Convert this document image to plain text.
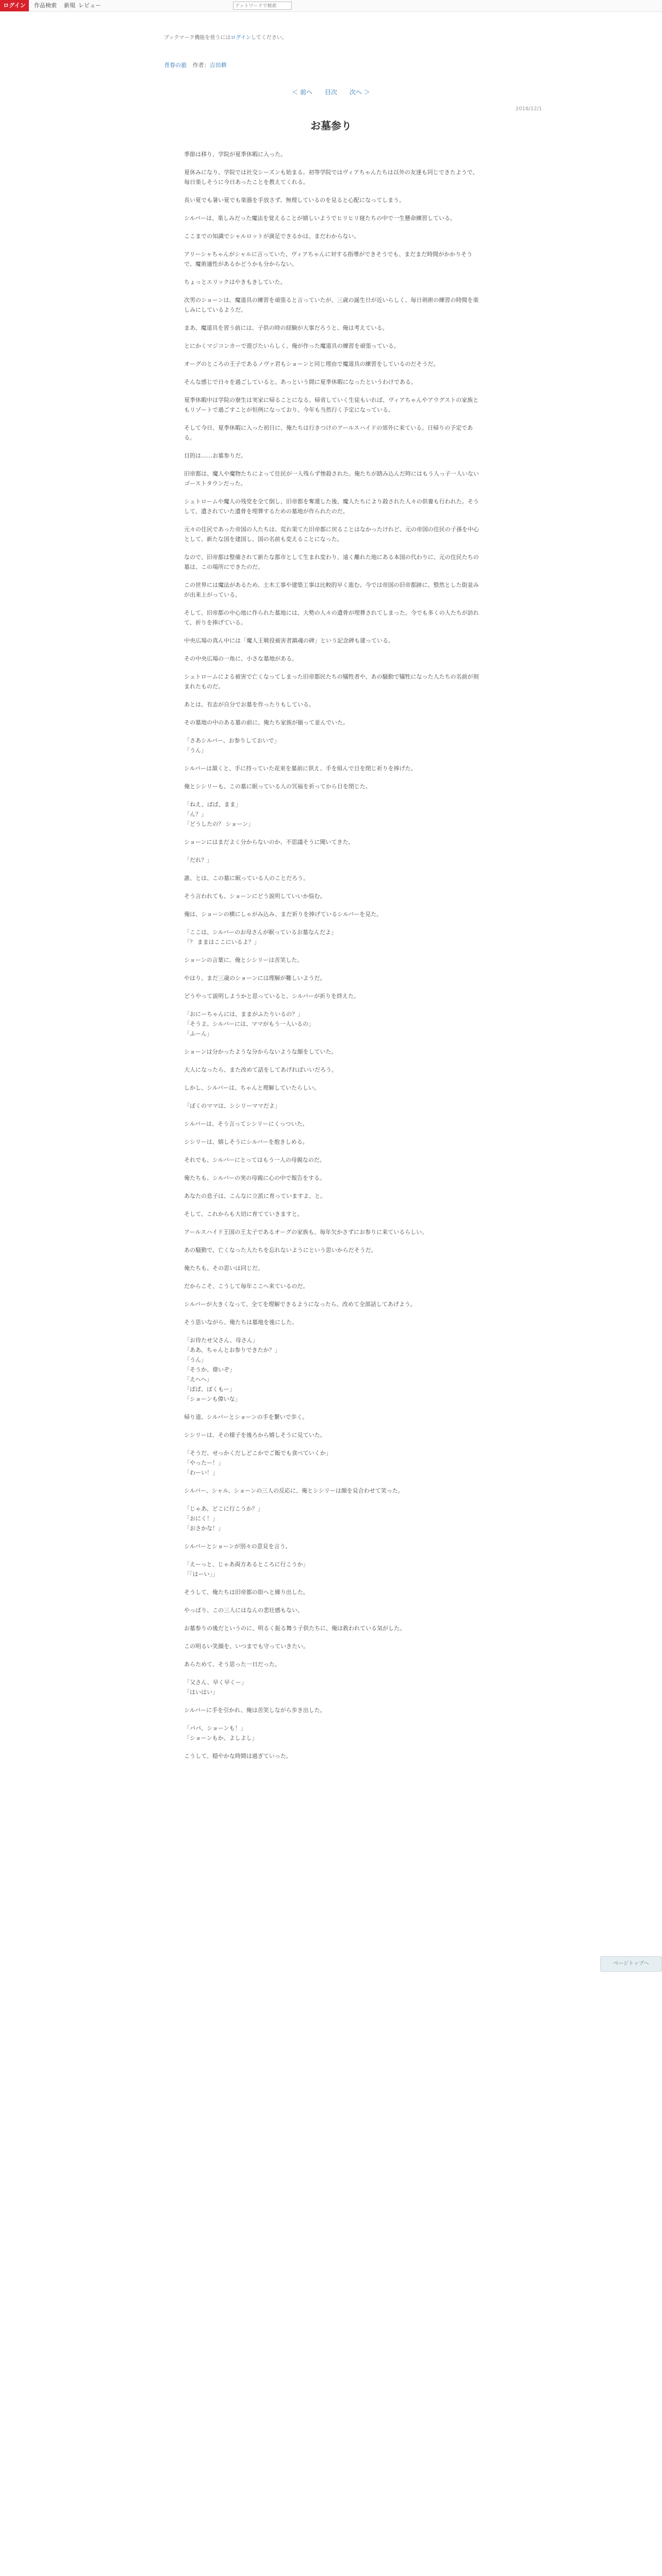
ログイン	作品検索 新規 レビュー
アットワードで検索
ブックマーク機能を使うにはログインしてください。
青春の旅 作者：吉田耕
＜ 前へ 目次 次へ ＞
2018/12/1
お墓参り

季節は移り、学院が夏季休暇に入った。

夏休みになり、学院では社交シーズンも始まる。初等学院ではヴィアちゃんたちは以外の友達も同じできたようで、毎日楽しそうに今日あったことを教えてくれる。

長い夏でも暑い夏でも楽器を手放さず、無理しているのを見ると心配になってしまう。

シルバーは、楽しみだった魔法を覚えることが嬉しいようでヒリヒリ寝たちの中で一生懸命練習している。

ここまでの知識でシャルロットが満足できるかは、まだわからない。

アリーシャちゃんがシャルに言っていた、ヴィアちゃんに対する指導ができそうでも、まだまだ時間がかかりそうで、魔術適性があるかどうかも分からない。

ちょっとエリックはやきもきしていた。

次男のショーンは、魔道具の練習を頑張ると言っていたが、三歳の誕生日が近いらしく、毎日剣術の練習の時間を楽しみにしているようだ。

まあ、魔道具を習う前には、子供の時の経験が大事だろうと、俺は考えている。

とにかくマジコンカーで遊びたいらしく、俺が作った魔道具の練習を頑張っている。

オーグのところの王子であるノヴァ君もショーンと同じ理由で魔道具の練習をしているのだそうだ。

そんな感じで日々を過ごしていると、あっという間に夏季休暇になったというわけである。

夏季休暇中は学院の寮生は実家に帰ることになる。帰省していく生徒もいれば、ヴィアちゃんやアウグストの家族ともリゾートで過ごすことが恒例になっており、今年も当然行く予定になっている。

そして今日、夏季休暇に入った初日に、俺たちは行きつけのアールスハイドの郊外に来ている。日帰りの予定である。

目的は……お墓参りだ。

旧帝都は、魔人や魔物たちによって住民が一人残らず惨殺された。俺たちが踏み込んだ時にはもう人っ子一人いないゴーストタウンだった。

シュトロームや魔人の残党を全て倒し、旧帝都を奪還した後、魔人たちにより殺された人々の供養も行われた。そうして、遺されていた遺骨を埋葬するための墓地が作られたのだ。

元々の住民であった帝国の人たちは、荒れ果てた旧帝都に戻ることはなかったけれど、元の帝国の住民の子孫を中心として、新たな国を建国し、国の名前も変えることになった。

なので、旧帝都は整備されて新たな都市として生まれ変わり、遠く離れた地にある本国の代わりに、元の住民たちの墓は、この場所にできたのだ。

この世界には魔法があるため、土木工事や建築工事は比較的早く進む。今では帝国の旧帝都跡に、整然とした街並みが出来上がっている。

そして、旧帝都の中心地に作られた墓地には、大勢の人々の遺骨が埋葬されてしまった。今でも多くの人たちが訪れて、祈りを捧げている。

中央広場の真ん中には「魔人王戦役被害者鎮魂の碑」という記念碑も建っている。

その中央広場の一角に、小さな墓地がある。

シュトロームによる被害で亡くなってしまった旧帝都民たちの犠牲者や、あの騒動で犠牲になった人たちの名前が刻まれたものだ。

あとは、有志が自分でお墓を作ったりもしている。

その墓地の中のある墓の前に、俺たち家族が揃って並んでいた。

「さあシルバー、お参りしておいで」

「うん」

シルバーは頷くと、手に持っていた花束を墓前に供え、手を組んで目を閉じ祈りを捧げた。

俺とシシリーも、この墓に眠っている人の冥福を祈ってから目を閉じた。

「ねえ、ぱぱ、まま」

「ん？」

「どうしたの？ ショーン」

ショーンにはまだよく分からないのか、不思議そうに聞いてきた。

「だれ？」

誰、とは、この墓に眠っている人のことだろう。

そう言われても、ショーンにどう説明していいか悩む。

俺は、ショーンの横にしゃがみ込み、まだ祈りを捧げているシルバーを見た。

「ここは、シルバーのお母さんが眠っているお墓なんだよ」

「？ ままはここにいるよ？」

ショーンの言葉に、俺とシシリーは苦笑した。

やはり、まだ三歳のショーンには理解が難しいようだ。

どうやって説明しようかと思っていると、シルバーが祈りを終えた。

「おにーちゃんには、ままがふたりいるの？」

「そうよ。シルバーには、ママがもう一人いるの」

「ふーん」

ショーンは分かったような分からないような顔をしていた。

大人になったら、また改めて話をしてあげればいいだろう。

しかし、シルバーは、ちゃんと理解していたらしい。

「ぼくのママは、シシリーママだよ」

シルバーは、そう言ってシシリーにくっついた。

シシリーは、嬉しそうにシルバーを抱きしめる。

それでも、シルバーにとってはもう一人の母親なのだ。

俺たちも、シルバーの実の母親に心の中で報告をする。

あなたの息子は、こんなに立派に育っていますよ、と。

そして、これからも大切に育てていきますと。

アールスハイド王国の王太子であるオーグの家族も、毎年欠かさずにお参りに来ているらしい。

あの騒動で、亡くなった人たちを忘れないようにという思いからだそうだ。

俺たちも、その思いは同じだ。

だからこそ、こうして毎年ここへ来ているのだ。

シルバーが大きくなって、全てを理解できるようになったら、改めて全部話してあげよう。

そう思いながら、俺たちは墓地を後にした。

「お待たせ父さん、母さん」

「ああ、ちゃんとお参りできたか？」

「うん」

「そうか、偉いぞ」

「えへへ」

「ぱぱ、ぼくもー」

「ショーンも偉いな」

帰り道、シルバーとショーンの手を繋いで歩く。

シシリーは、その様子を後ろから嬉しそうに見ていた。

「そうだ、せっかくだしどこかでご飯でも食べていくか」

「やったー！」

「わーい！」

シルバー、シャル、ショーンの三人の反応に、俺とシシリーは顔を見合わせて笑った。

「じゃあ、どこに行こうか？」

「おにく！」

「おさかな！」

シルバーとショーンが別々の意見を言う。

「えーっと、じゃあ両方あるところに行こうか」

「「はーい」」

そうして、俺たちは旧帝都の街へと繰り出した。

やっぱり、この三人にはなんの悲壮感もない。

お墓参りの後だというのに、明るく振る舞う子供たちに、俺は救われている気がした。

この明るい笑顔を、いつまでも守っていきたい。

あらためて、そう思った一日だった。

「父さん、早く早くー」

「はいはい」

シルバーに手を引かれ、俺は苦笑しながら歩き出した。

「パパ、ショーンも！」

「ショーンもか、よしよし」

こうして、穏やかな時間は過ぎていった。

ページトップへ
